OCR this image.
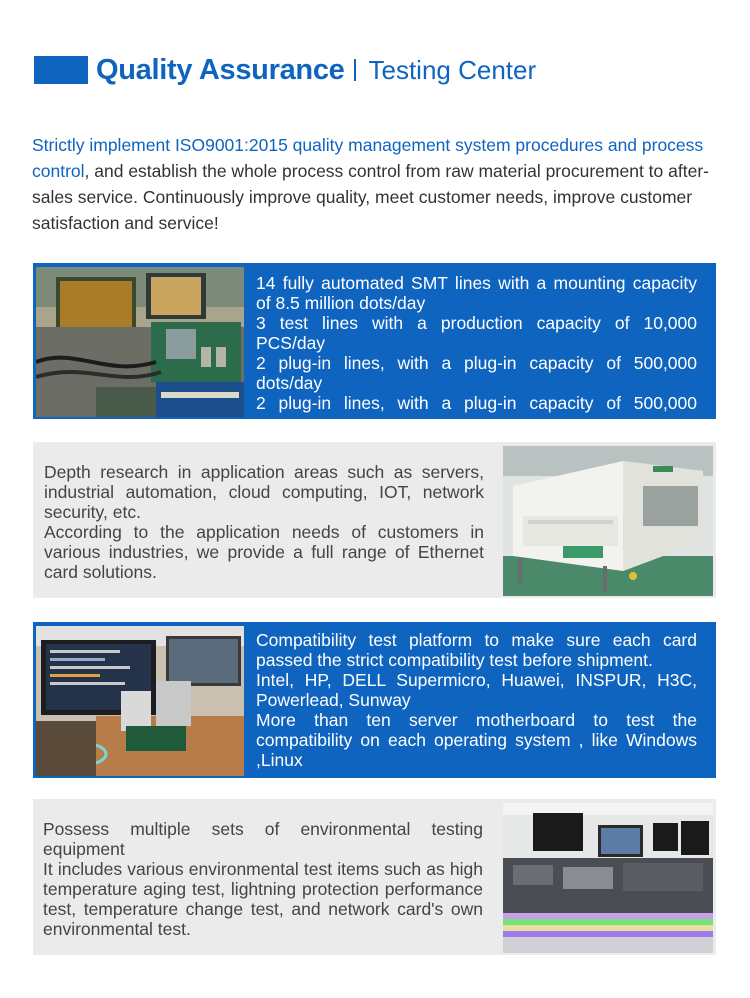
Quality Assurance Testing Center

Strictly implement ISO9001:2015 quality management system procedures and process control, and establish the whole process control from raw material procurement to after- sales service. Continuously improve quality, meet customer needs, improve customer satisfaction and service!

14 fully automated SMT lines with a mounting capacity of 8.5 million dots/day
3 test lines with a production capacity of 10,000 PCS/day
2 plug-in lines, with a plug-in capacity of 500,000 dots/day
2 plug-in lines, with a plug-in capacity of 500,000
Depth research in application areas such as servers, industrial automation, cloud computing, IOT, network security, etc.
According to the application needs of customers in various industries, we provide a full range of Ethernet card solutions.
Compatibility test platform to make sure each card passed the strict compatibility test before shipment.
Intel, HP, DELL Supermicro, Huawei, INSPUR, H3C, Powerlead, Sunway
More than ten server motherboard to test the compatibility on each operating system , like Windows ,Linux
Possess multiple sets of environmental testing equipment
It includes various environmental test items such as high temperature aging test, lightning protection performance test, temperature change test, and network card's own environmental test.
